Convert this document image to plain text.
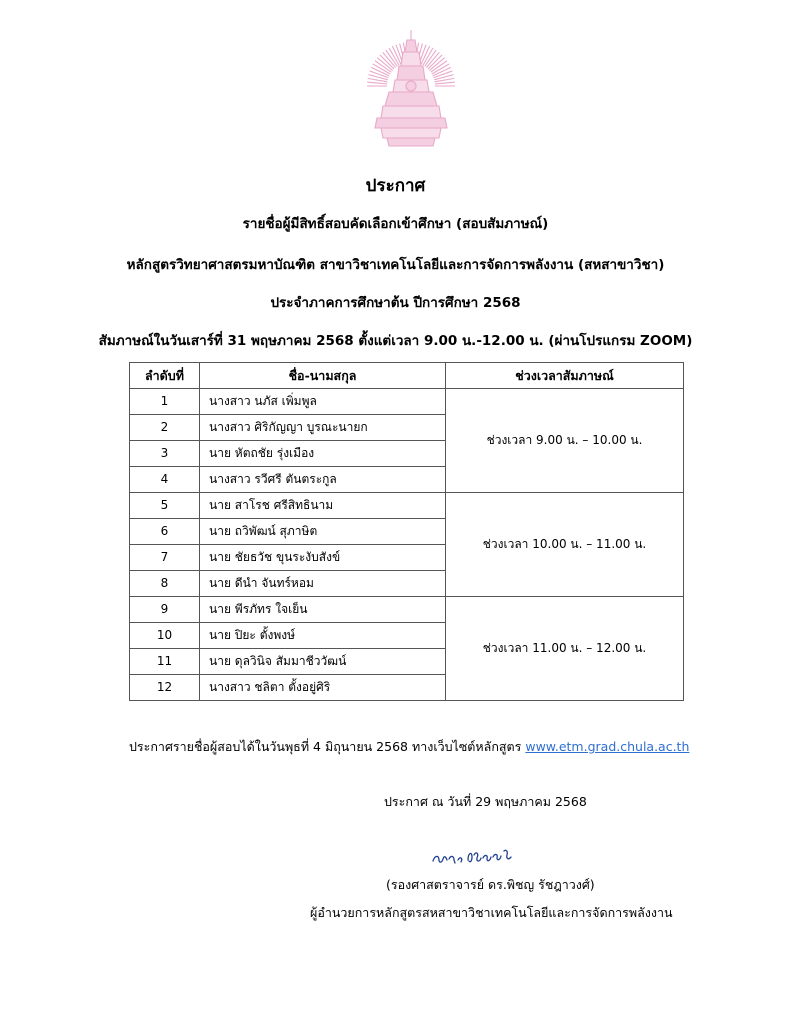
ประกาศ
รายชื่อผู้มีสิทธิ์สอบคัดเลือกเข้าศึกษา (สอบสัมภาษณ์)
หลักสูตรวิทยาศาสตรมหาบัณฑิต สาขาวิชาเทคโนโลยีและการจัดการพลังงาน (สหสาขาวิชา)
ประจำภาคการศึกษาต้น ปีการศึกษา 2568
สัมภาษณ์ในวันเสาร์ที่ 31 พฤษภาคม 2568 ตั้งแต่เวลา 9.00 น.-12.00 น. (ผ่านโปรแกรม ZOOM)
ลำดับที่	ชื่อ-นามสกุล	ช่วงเวลาสัมภาษณ์
1	นางสาว นภัส เพิ่มพูล	ช่วงเวลา 9.00 น. – 10.00 น.
2	นางสาว ศิริกัญญา บูรณะนายก	
3	นาย หัตถชัย รุ่งเมือง	
4	นางสาว รวีศรี ตันตระกูล	
5	นาย สาโรช ศรีสิทธินาม	ช่วงเวลา 10.00 น. – 11.00 น.
6	นาย ถวิพัฒน์ สุภาษิต	
7	นาย ชัยธวัช ขุนระงับสังข์	
8	นาย ดีนำ จันทร์หอม	
9	นาย พีรภัทร ใจเย็น	ช่วงเวลา 11.00 น. – 12.00 น.
10	นาย ปิยะ ตั้งพงษ์	
11	นาย ดุลวินิจ สัมมาชีววัฒน์	
12	นางสาว ชลิตา ตั้งอยู่ศิริ	
ประกาศรายชื่อผู้สอบได้ในวันพุธที่ 4 มิถุนายน 2568 ทางเว็บไซต์หลักสูตร www.etm.grad.chula.ac.th
ประกาศ ณ วันที่ 29 พฤษภาคม 2568
(รองศาสตราจารย์ ดร.พิชญ รัชฎาวงศ์)
ผู้อำนวยการหลักสูตรสหสาขาวิชาเทคโนโลยีและการจัดการพลังงาน
